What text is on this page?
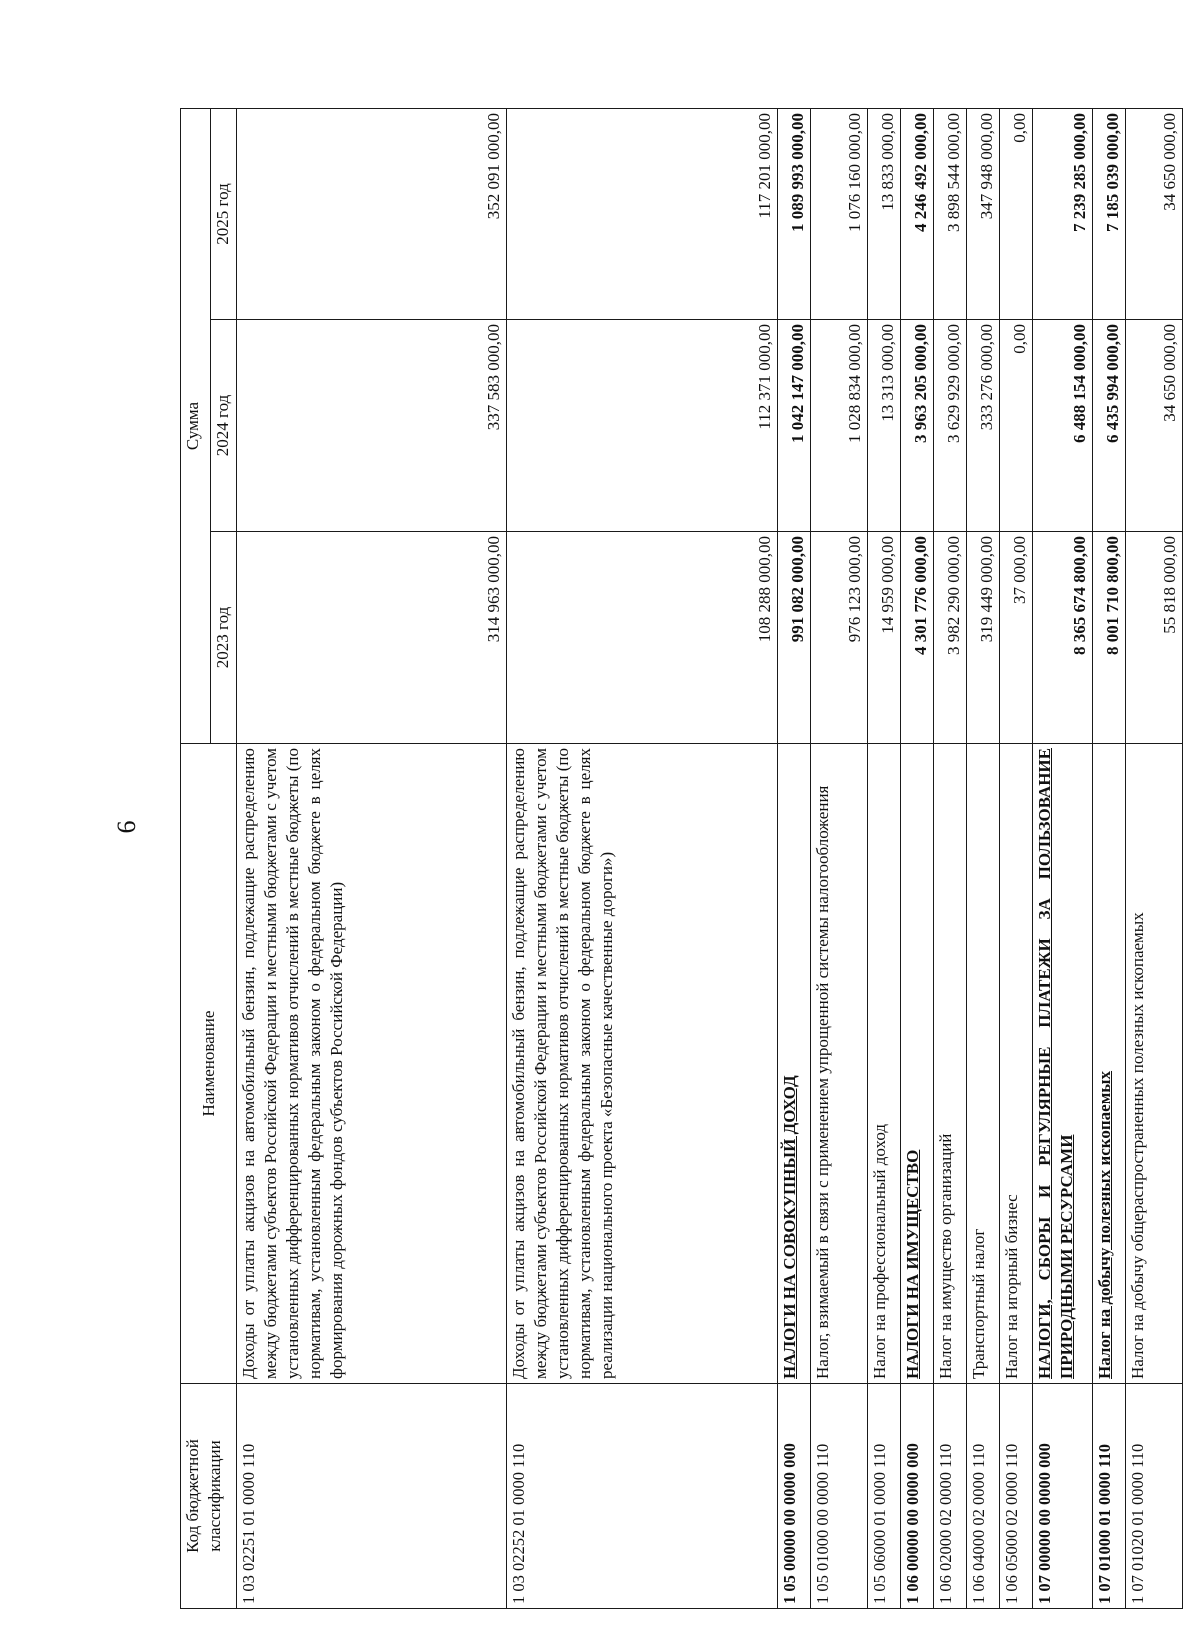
6
Код бюджетной классификации	Наименование	Сумма		
		2023 год	2024 год	2025 год
1 03 02251 01 0000 110	Доходы от уплаты акцизов на автомобильный бензин, подлежащие распределению между бюджетами субъектов Российской Федерации и местными бюджетами с учетом установленных дифференцированных нормативов отчислений в местные бюджеты (по нормативам, установленным федеральным законом о федеральном бюджете в целях формирования дорожных фондов субъектов Российской Федерации)	314 963 000,00	337 583 000,00	352 091 000,00
1 03 02252 01 0000 110	Доходы от уплаты акцизов на автомобильный бензин, подлежащие распределению между бюджетами субъектов Российской Федерации и местными бюджетами с учетом установленных дифференцированных нормативов отчислений в местные бюджеты (по нормативам, установленным федеральным законом о федеральном бюджете в целях реализации национального проекта «Безопасные качественные дороги»)	108 288 000,00	112 371 000,00	117 201 000,00
1 05 00000 00 0000 000	НАЛОГИ НА СОВОКУПНЫЙ ДОХОД	991 082 000,00	1 042 147 000,00	1 089 993 000,00
1 05 01000 00 0000 110	Налог, взимаемый в связи с применением упрощенной системы налогообложения	976 123 000,00	1 028 834 000,00	1 076 160 000,00
1 05 06000 01 0000 110	Налог на профессиональный доход	14 959 000,00	13 313 000,00	13 833 000,00
1 06 00000 00 0000 000	НАЛОГИ НА ИМУЩЕСТВО	4 301 776 000,00	3 963 205 000,00	4 246 492 000,00
1 06 02000 02 0000 110	Налог на имущество организаций	3 982 290 000,00	3 629 929 000,00	3 898 544 000,00
1 06 04000 02 0000 110	Транспортный налог	319 449 000,00	333 276 000,00	347 948 000,00
1 06 05000 02 0000 110	Налог на игорный бизнес	37 000,00	0,00	0,00
1 07 00000 00 0000 000	НАЛОГИ, СБОРЫ И РЕГУЛЯРНЫЕ ПЛАТЕЖИ ЗА ПОЛЬЗОВАНИЕ ПРИРОДНЫМИ РЕСУРСАМИ	8 365 674 800,00	6 488 154 000,00	7 239 285 000,00
1 07 01000 01 0000 110	Налог на добычу полезных ископаемых	8 001 710 800,00	6 435 994 000,00	7 185 039 000,00
1 07 01020 01 0000 110	Налог на добычу общераспространенных полезных ископаемых	55 818 000,00	34 650 000,00	34 650 000,00
